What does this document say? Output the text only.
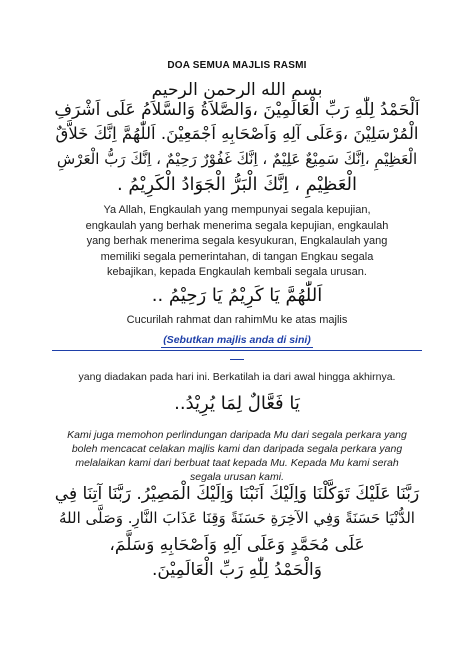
DOA SEMUA MAJLIS RASMI
بسم الله الرحمن الرحيم
اَلْحَمْدُ لِلّٰهِ رَبِّ الْعَالَمِيْنَ ،وَالصَّلاَةُ وَالسَّلاَمُ عَلَى اَشْرَفِ
الْمُرْسَلِيْنَ ،وَعَلَى آلِهِ وَاَصْحَابِهِ اَجْمَعِيْنَ. اَللّٰهُمَّ اِنَّكَ خَلاَّقٌ
الْعَظِيْمِ ،اِنَّكَ سَمِيْعٌ عَلِيْمٌ ، اِنَّكَ غَفُوْرٌ رَحِيْمٌ ، اِنَّكَ رَبُّ الْعَرْشِ
الْعَظِيْمِ ، اِنَّكَ الْبَرُّ الْجَوَادُ الْكَرِيْمُ .
Ya Allah, Engkaulah yang mempunyai segala kepujian,
engkaulah yang berhak menerima segala kepujian, engkaulah
yang berhak menerima segala kesyukuran, Engkalaulah yang
memiliki segala pemerintahan, di tangan Engkau segala
kebajikan, kepada Engkaulah kembali segala urusan.
اَللّٰهُمَّ يَا كَرِيْمُ يَا رَحِيْمُ ..
Cucurilah rahmat dan rahimMu ke atas majlis
(Sebutkan majlis anda di sini)
yang diadakan pada hari ini. Berkatilah ia dari awal hingga akhirnya.
يَا فَعَّالٌ لِمَا يُرِيْدُ..
Kami juga memohon perlindungan daripada Mu dari segala perkara yang
boleh mencacat celakan majlis kami dan daripada segala perkara yang
melalaikan kami dari berbuat taat kepada Mu. Kepada Mu kami serah
segala urusan kami.
رَبَّنَا عَلَيْكَ تَوَكَّلْنَا وَاِلَيْكَ اَنَبْنَا وَاِلَيْكَ الْمَصِيْرُ. رَبَّنَا آتِنَا فِي
الدُّنْيَا حَسَنَةً وَفِي الآخِرَةِ حَسَنَةً وَقِنَا عَذَابَ النَّارِ. وَصَلَّى اللهُ
عَلَى مُحَمَّدٍ وَعَلَى آلِهِ وَاَصْحَابِهِ وَسَلَّمَ،
وَالْحَمْدُ لِلّٰهِ رَبِّ الْعَالَمِيْنَ.
